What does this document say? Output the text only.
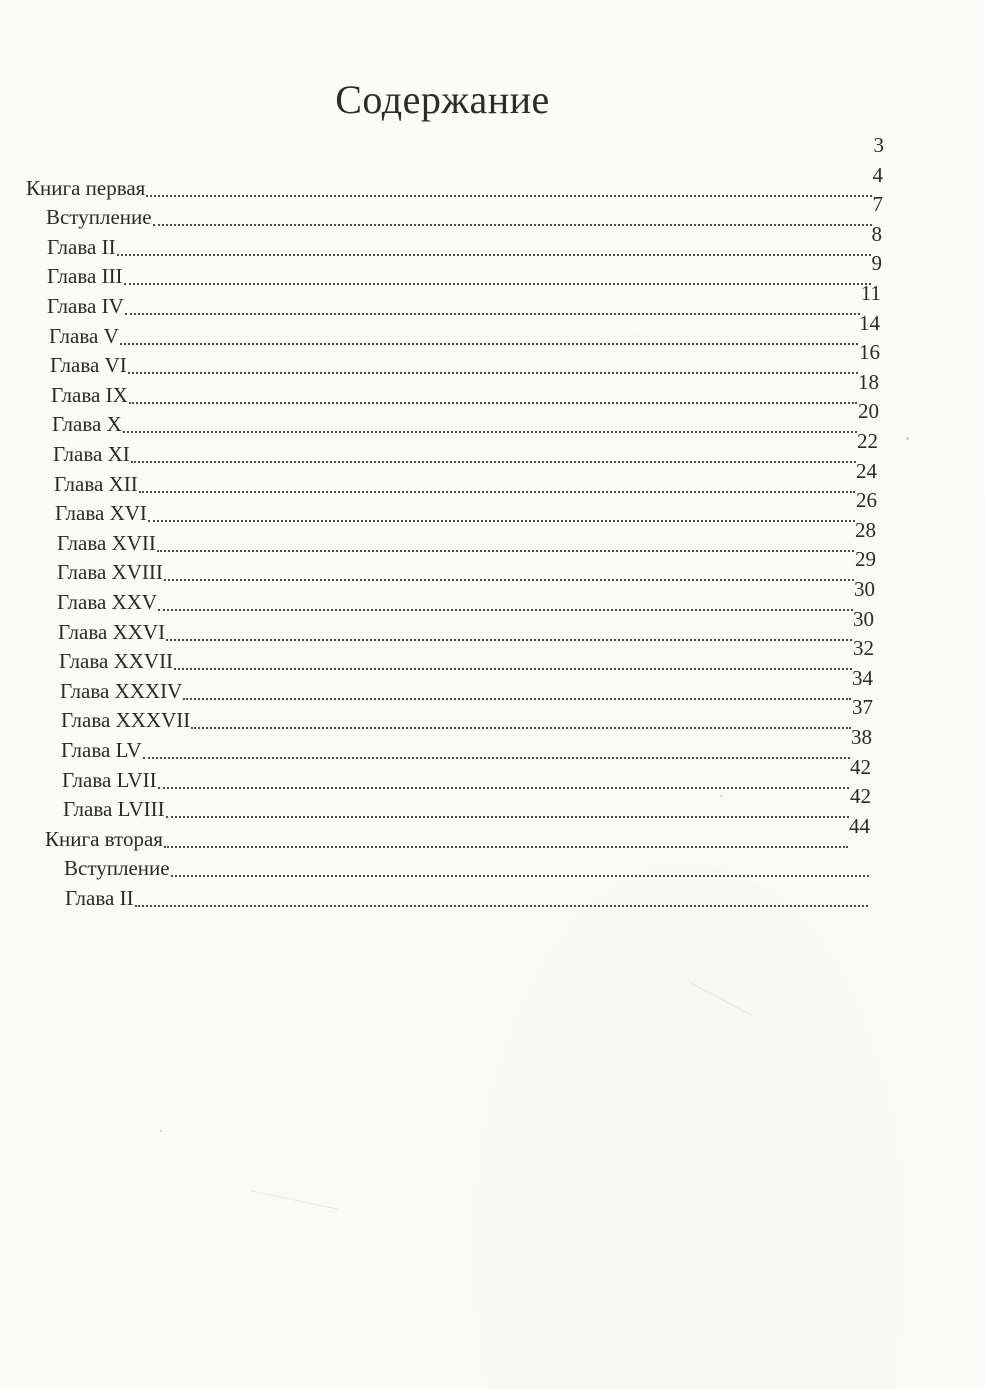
Содержание
3
Книга первая
4
Вступление
7
Глава II
8
Глава III
9
Глава IV
11
Глава V
14
Глава VI
16
Глава IX
18
Глава X
20
Глава XI
22
Глава XII
24
Глава XVI
26
Глава XVII
28
Глава XVIII
29
Глава XXV
30
Глава XXVI
30
Глава XXVII
32
Глава XXXIV
34
Глава XXXVII
37
Глава LV
38
Глава LVII
42
Глава LVIII
42
Книга вторая
44
Вступление
Глава II
